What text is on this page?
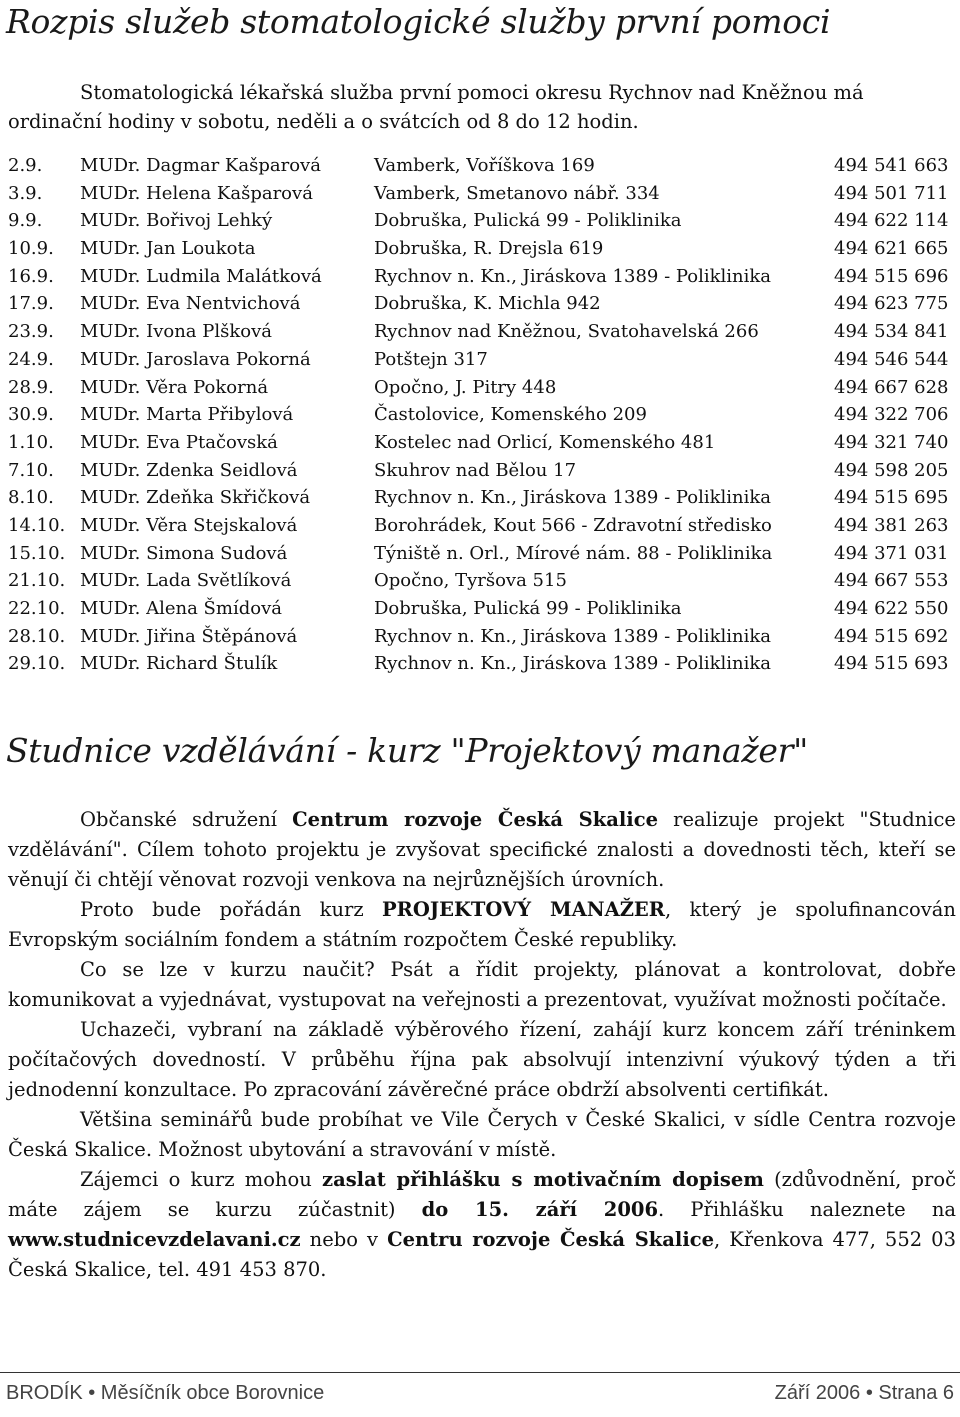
Rozpis služeb stomatologické služby první pomoci

Stomatologická lékařská služba první pomoci okresu Rychnov nad Kněžnou má ordinační hodiny v sobotu, neděli a o svátcích od 8 do 12 hodin.

2.9. MUDr. Dagmar Kašparová	Vamberk, Voříškova 169	494 541 663
3.9. MUDr. Helena Kašparová	Vamberk, Smetanovo nábř. 334	494 501 711
9.9. MUDr. Bořivoj Lehký	Dobruška, Pulická 99 - Poliklinika	494 622 114
10.9. MUDr. Jan Loukota	Dobruška, R. Drejsla 619	494 621 665
16.9. MUDr. Ludmila Malátková	Rychnov n. Kn., Jiráskova 1389 - Poliklinika	494 515 696
17.9. MUDr. Eva Nentvichová	Dobruška, K. Michla 942	494 623 775
23.9. MUDr. Ivona Plšková	Rychnov nad Kněžnou, Svatohavelská 266	494 534 841
24.9. MUDr. Jaroslava Pokorná	Potštejn 317	494 546 544
28.9. MUDr. Věra Pokorná	Opočno, J. Pitry 448	494 667 628
30.9. MUDr. Marta Přibylová	Častolovice, Komenského 209	494 322 706
1.10. MUDr. Eva Ptačovská	Kostelec nad Orlicí, Komenského 481	494 321 740
7.10. MUDr. Zdenka Seidlová	Skuhrov nad Bělou 17	494 598 205
8.10. MUDr. Zdeňka Skřičková	Rychnov n. Kn., Jiráskova 1389 - Poliklinika	494 515 695
14.10. MUDr. Věra Stejskalová	Borohrádek, Kout 566 - Zdravotní středisko	494 381 263
15.10. MUDr. Simona Sudová	Týniště n. Orl., Mírové nám. 88 - Poliklinika	494 371 031
21.10. MUDr. Lada Světlíková	Opočno, Tyršova 515	494 667 553
22.10. MUDr. Alena Šmídová	Dobruška, Pulická 99 - Poliklinika	494 622 550
28.10. MUDr. Jiřina Štěpánová	Rychnov n. Kn., Jiráskova 1389 - Poliklinika	494 515 692
29.10. MUDr. Richard Štulík	Rychnov n. Kn., Jiráskova 1389 - Poliklinika	494 515 693
Studnice vzdělávání - kurz "Projektový manažer"

Občanské sdružení Centrum rozvoje Česká Skalice realizuje projekt "Studnice vzdělávání". Cílem tohoto projektu je zvyšovat specifické znalosti a dovednosti těch, kteří se věnují či chtějí věnovat rozvoji venkova na nejrůznějších úrovních.

Proto bude pořádán kurz PROJEKTOVÝ MANAŽER, který je spolufinancován Evropským sociálním fondem a státním rozpočtem České republiky.

Co se lze v kurzu naučit? Psát a řídit projekty, plánovat a kontrolovat, dobře komunikovat a vyjednávat, vystupovat na veřejnosti a prezentovat, využívat možnosti počítače.

Uchazeči, vybraní na základě výběrového řízení, zahájí kurz koncem září tréninkem počítačových dovedností. V průběhu října pak absolvují intenzivní výukový týden a tři jednodenní konzultace. Po zpracování závěrečné práce obdrží absolventi certifikát.

Většina seminářů bude probíhat ve Vile Čerych v České Skalici, v sídle Centra rozvoje Česká Skalice. Možnost ubytování a stravování v místě.

Zájemci o kurz mohou zaslat přihlášku s motivačním dopisem (zdůvodnění, proč máte zájem se kurzu zúčastnit) do 15. září 2006. Přihlášku naleznete na www.studnicevzdelavani.cz nebo v Centru rozvoje Česká Skalice, Křenkova 477, 552 03 Česká Skalice, tel. 491 453 870.

BRODÍK • Měsíčník obce Borovnice	Září 2006 • Strana 6
